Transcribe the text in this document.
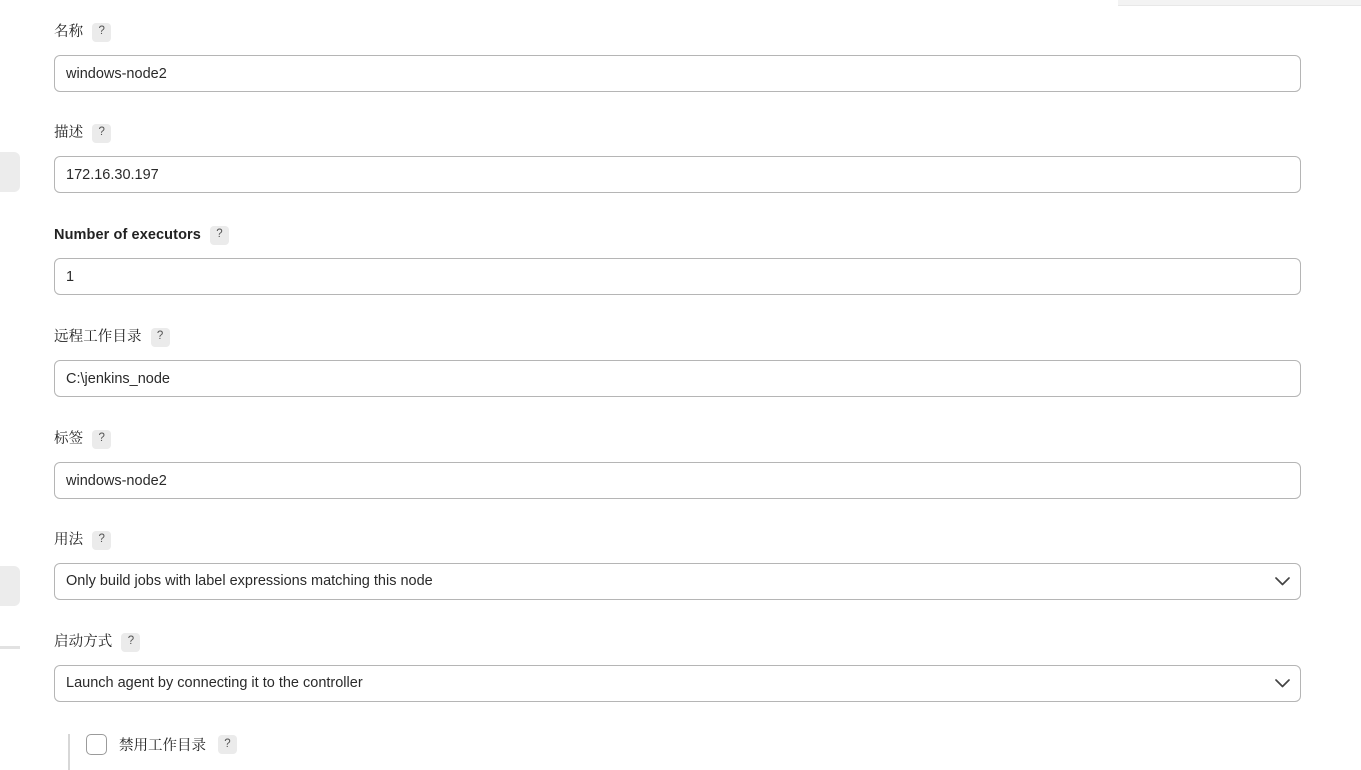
名称	?
windows-node2
描述	?
172.16.30.197
Number of executors	?
1
远程工作目录	?
C:\jenkins_node
标签	?
windows-node2
用法	?
Only build jobs with label expressions matching this node
启动方式	?
Launch agent by connecting it to the controller
禁用工作目录	?
